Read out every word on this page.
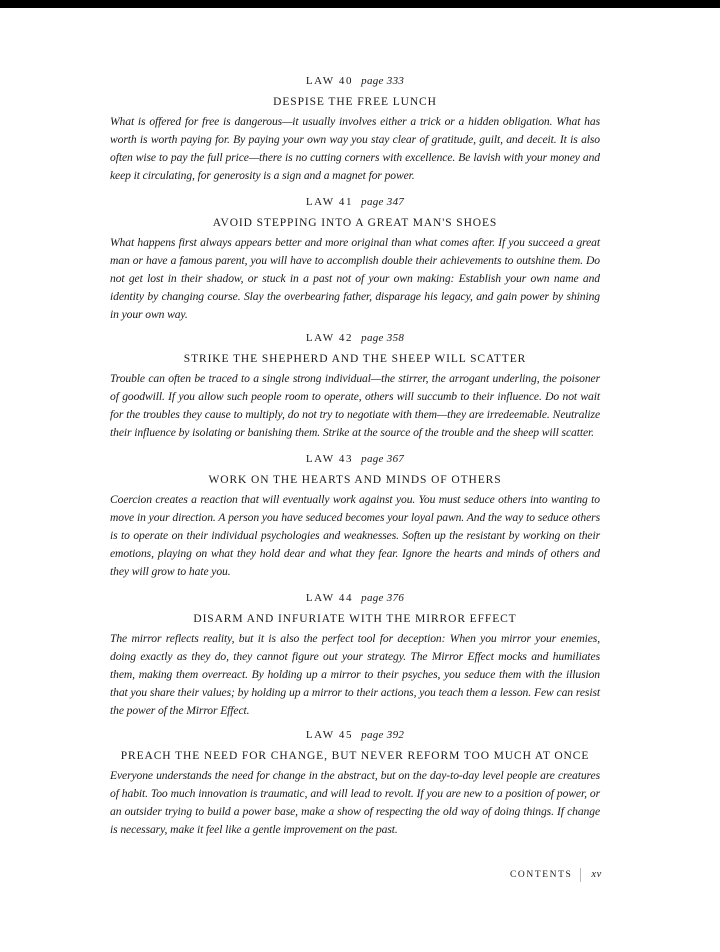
LAW 40 page 333

DESPISE THE FREE LUNCH

What is offered for free is dangerous—it usually involves either a trick or a hidden obligation. What has worth is worth paying for. By paying your own way you stay clear of gratitude, guilt, and deceit. It is also often wise to pay the full price—there is no cutting corners with excellence. Be lavish with your money and keep it circulating, for generosity is a sign and a magnet for power.

LAW 41 page 347

AVOID STEPPING INTO A GREAT MAN'S SHOES

What happens first always appears better and more original than what comes after. If you succeed a great man or have a famous parent, you will have to accomplish double their achievements to outshine them. Do not get lost in their shadow, or stuck in a past not of your own making: Establish your own name and identity by changing course. Slay the overbearing father, disparage his legacy, and gain power by shining in your own way.

LAW 42 page 358

STRIKE THE SHEPHERD AND THE SHEEP WILL SCATTER

Trouble can often be traced to a single strong individual—the stirrer, the arrogant underling, the poisoner of goodwill. If you allow such people room to operate, others will succumb to their influence. Do not wait for the troubles they cause to multiply, do not try to negotiate with them—they are irredeemable. Neutralize their influence by isolating or banishing them. Strike at the source of the trouble and the sheep will scatter.

LAW 43 page 367

WORK ON THE HEARTS AND MINDS OF OTHERS

Coercion creates a reaction that will eventually work against you. You must seduce others into wanting to move in your direction. A person you have seduced becomes your loyal pawn. And the way to seduce others is to operate on their individual psychologies and weaknesses. Soften up the resistant by working on their emotions, playing on what they hold dear and what they fear. Ignore the hearts and minds of others and they will grow to hate you.

LAW 44 page 376

DISARM AND INFURIATE WITH THE MIRROR EFFECT

The mirror reflects reality, but it is also the perfect tool for deception: When you mirror your enemies, doing exactly as they do, they cannot figure out your strategy. The Mirror Effect mocks and humiliates them, making them overreact. By holding up a mirror to their psyches, you seduce them with the illusion that you share their values; by holding up a mirror to their actions, you teach them a lesson. Few can resist the power of the Mirror Effect.

LAW 45 page 392

PREACH THE NEED FOR CHANGE, BUT NEVER REFORM TOO MUCH AT ONCE

Everyone understands the need for change in the abstract, but on the day-to-day level people are creatures of habit. Too much innovation is traumatic, and will lead to revolt. If you are new to a position of power, or an outsider trying to build a power base, make a show of respecting the old way of doing things. If change is necessary, make it feel like a gentle improvement on the past.

CONTENTS xv
